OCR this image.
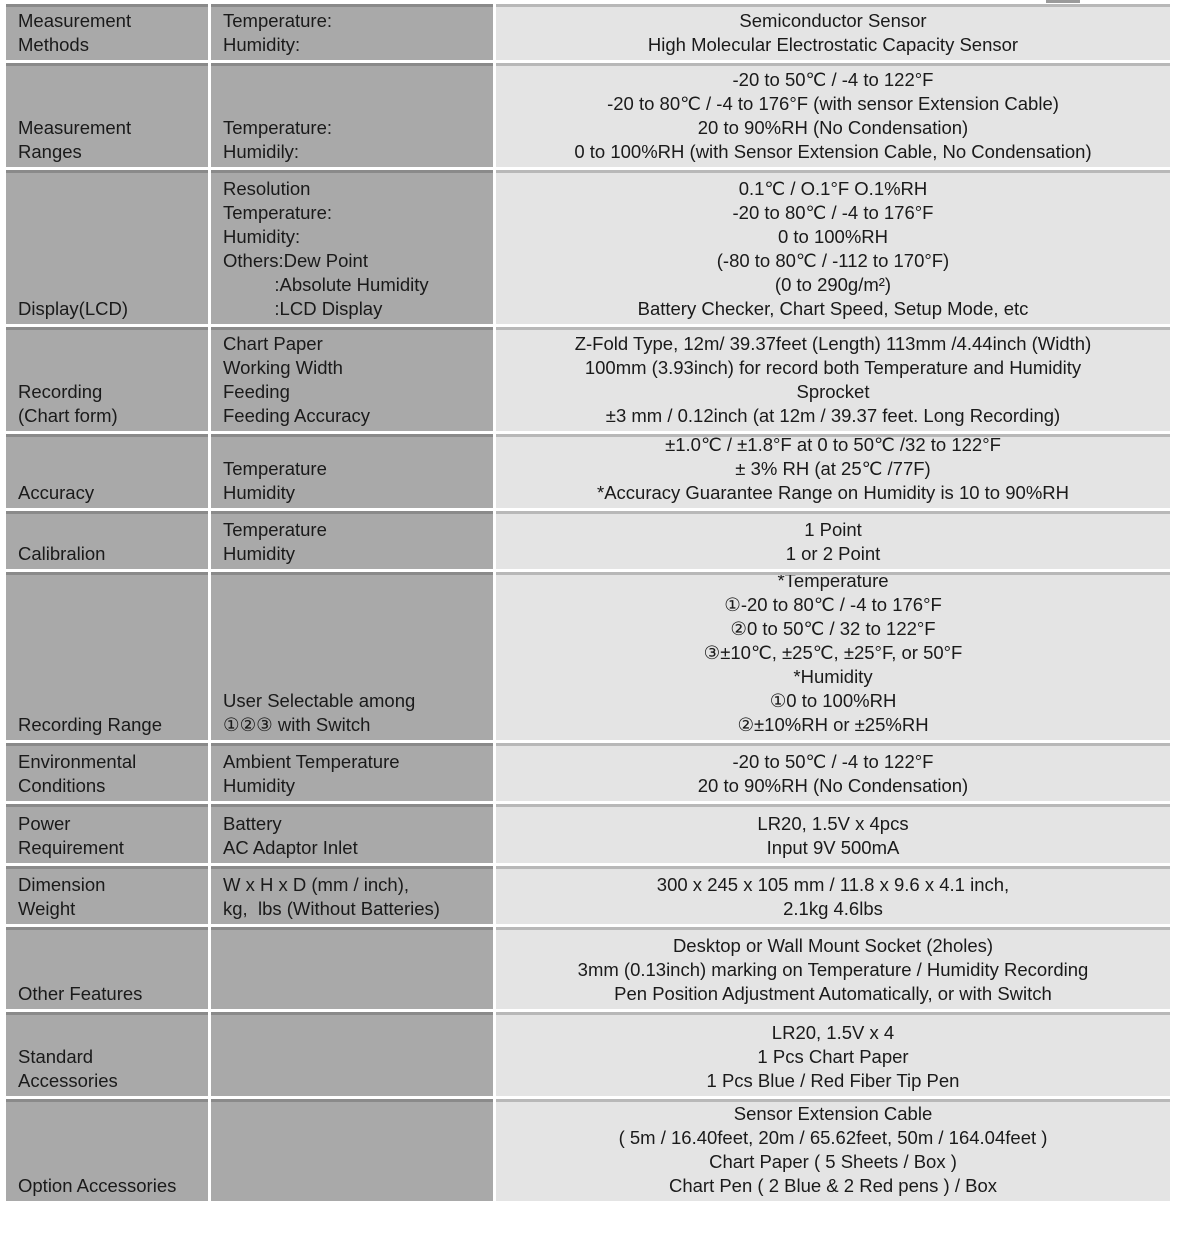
Measurement
Methods
Temperature:
Humidity:
Semiconductor Sensor
High Molecular Electrostatic Capacity Sensor
Measurement
Ranges
Temperature:
Humidily:
-20 to 50℃ / -4 to 122°F
-20 to 80℃ / -4 to 176°F (with sensor Extension Cable)
20 to 90%RH (No Condensation)
0 to 100%RH (with Sensor Extension Cable, No Condensation)
Display(LCD)
Resolution
Temperature:
Humidity:
Others:Dew Point
:Absolute Humidity
:LCD Display
0.1℃ / O.1°F O.1%RH
-20 to 80℃ / -4 to 176°F
0 to 100%RH
(-80 to 80℃ / -112 to 170°F)
(0 to 290g/m²)
Battery Checker, Chart Speed, Setup Mode, etc
Recording
(Chart form)
Chart Paper
Working Width
Feeding
Feeding Accuracy
Z-Fold Type, 12m/ 39.37feet (Length) 113mm /4.44inch (Width)
100mm (3.93inch) for record both Temperature and Humidity
Sprocket
±3 mm / 0.12inch (at 12m / 39.37 feet. Long Recording)
Accuracy
Temperature
Humidity
±1.0℃ / ±1.8°F at 0 to 50℃ /32 to 122°F
± 3% RH (at 25℃ /77F)
*Accuracy Guarantee Range on Humidity is 10 to 90%RH
Calibralion
Temperature
Humidity
1 Point
1 or 2 Point
Recording Range
User Selectable among
①②③ with Switch
*Temperature
①-20 to 80℃ / -4 to 176°F
②0 to 50℃ / 32 to 122°F
③±10℃, ±25℃, ±25°F, or 50°F
*Humidity
①0 to 100%RH
②±10%RH or ±25%RH
Environmental
Conditions
Ambient Temperature
Humidity
-20 to 50℃ / -4 to 122°F
20 to 90%RH (No Condensation)
Power
Requirement
Battery
AC Adaptor Inlet
LR20, 1.5V x 4pcs
Input 9V 500mA
Dimension
Weight
W x H x D (mm / inch),
kg,  lbs (Without Batteries)
300 x 245 x 105 mm / 11.8 x 9.6 x 4.1 inch,
2.1kg 4.6lbs
Other Features
Desktop or Wall Mount Socket (2holes)
3mm (0.13inch) marking on Temperature / Humidity Recording
Pen Position Adjustment Automatically, or with Switch
Standard
Accessories
LR20, 1.5V x 4
1 Pcs Chart Paper
1 Pcs Blue / Red Fiber Tip Pen
Option Accessories
Sensor Extension Cable
( 5m / 16.40feet, 20m / 65.62feet, 50m / 164.04feet )
Chart Paper ( 5 Sheets / Box )
Chart Pen ( 2 Blue & 2 Red pens ) / Box
